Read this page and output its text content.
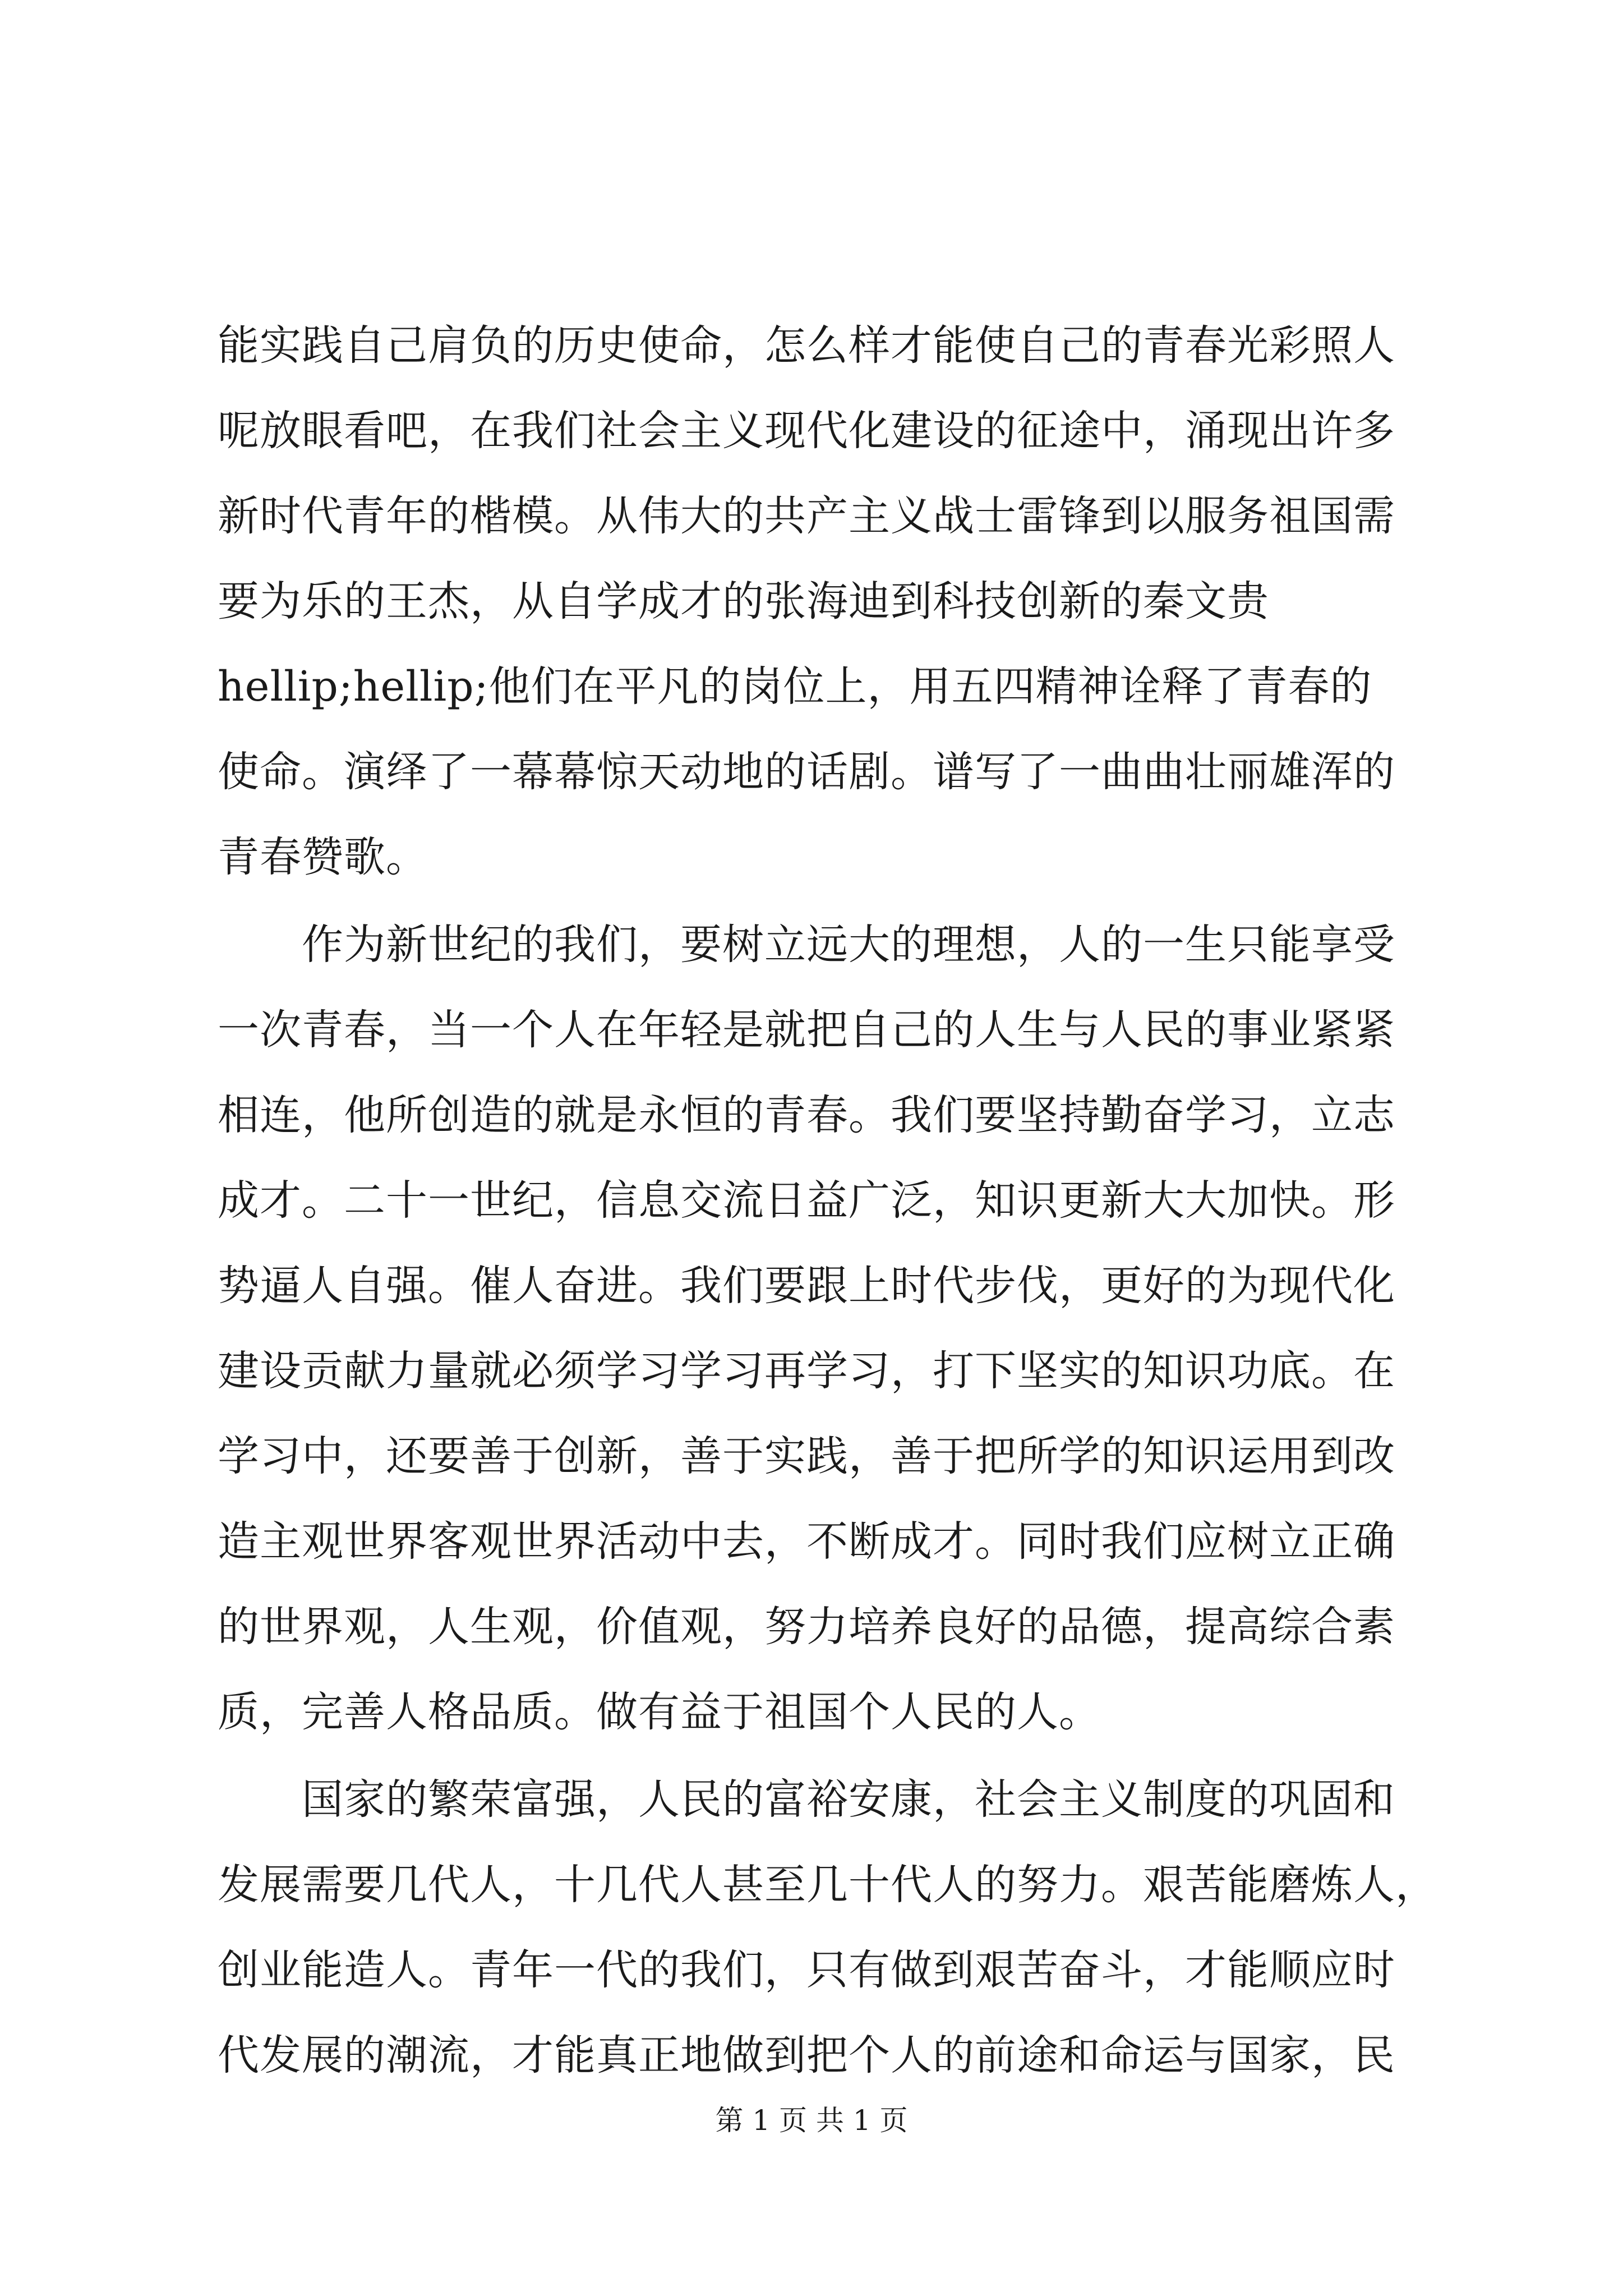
能实践自己肩负的历史使命，怎么样才能使自己的青春光彩照人
呢放眼看吧，在我们社会主义现代化建设的征途中，涌现出许多
新时代青年的楷模。从伟大的共产主义战士雷锋到以服务祖国需
要为乐的王杰，从自学成才的张海迪到科技创新的秦文贵
hellip;hellip;他们在平凡的岗位上，用五四精神诠释了青春的
使命。演绎了一幕幕惊天动地的话剧。谱写了一曲曲壮丽雄浑的
青春赞歌。
　　作为新世纪的我们，要树立远大的理想，人的一生只能享受
一次青春，当一个人在年轻是就把自己的人生与人民的事业紧紧
相连，他所创造的就是永恒的青春。我们要坚持勤奋学习，立志
成才。二十一世纪，信息交流日益广泛，知识更新大大加快。形
势逼人自强。催人奋进。我们要跟上时代步伐，更好的为现代化
建设贡献力量就必须学习学习再学习，打下坚实的知识功底。在
学习中，还要善于创新，善于实践，善于把所学的知识运用到改
造主观世界客观世界活动中去，不断成才。同时我们应树立正确
的世界观，人生观，价值观，努力培养良好的品德，提高综合素
质，完善人格品质。做有益于祖国个人民的人。
　　国家的繁荣富强，人民的富裕安康，社会主义制度的巩固和
发展需要几代人，十几代人甚至几十代人的努力。艰苦能磨炼人，
创业能造人。青年一代的我们，只有做到艰苦奋斗，才能顺应时
代发展的潮流，才能真正地做到把个人的前途和命运与国家，民
第 1 页 共 1 页
